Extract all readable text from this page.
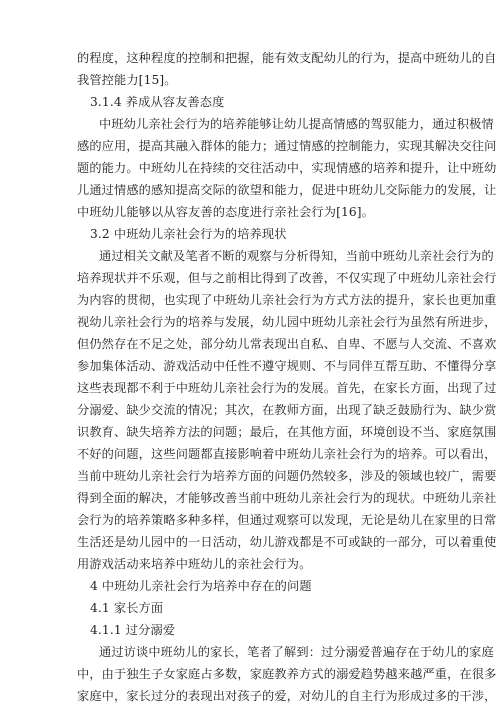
的程度，这种程度的控制和把握，能有效支配幼儿的行为，提高中班幼儿的自
我管控能力[15]。
3.1.4 养成从容友善态度
中班幼儿亲社会行为的培养能够让幼儿提高情感的驾驭能力，通过积极情
感的应用，提高其融入群体的能力；通过情感的控制能力，实现其解决交往问
题的能力。中班幼儿在持续的交往活动中，实现情感的培养和提升，让中班幼
儿通过情感的感知提高交际的欲望和能力，促进中班幼儿交际能力的发展，让
中班幼儿能够以从容友善的态度进行亲社会行为[16]。
3.2 中班幼儿亲社会行为的培养现状
通过相关文献及笔者不断的观察与分析得知，当前中班幼儿亲社会行为的
培养现状并不乐观，但与之前相比得到了改善，不仅实现了中班幼儿亲社会行
为内容的贯彻，也实现了中班幼儿亲社会行为方式方法的提升，家长也更加重
视幼儿亲社会行为的培养与发展，幼儿园中班幼儿亲社会行为虽然有所进步，
但仍然存在不足之处，部分幼儿常表现出自私、自卑、不愿与人交流、不喜欢
参加集体活动、游戏活动中任性不遵守规则、不与同伴互帮互助、不懂得分享
这些表现都不利于中班幼儿亲社会行为的发展。首先，在家长方面，出现了过
分溺爱、缺少交流的情况；其次，在教师方面，出现了缺乏鼓励行为、缺少赏
识教育、缺失培养方法的问题；最后，在其他方面，环境创设不当、家庭氛围
不好的问题，这些问题都直接影响着中班幼儿亲社会行为的培养。可以看出，
当前中班幼儿亲社会行为培养方面的问题仍然较多，涉及的领域也较广，需要
得到全面的解决，才能够改善当前中班幼儿亲社会行为的现状。中班幼儿亲社
会行为的培养策略多种多样，但通过观察可以发现，无论是幼儿在家里的日常
生活还是幼儿园中的一日活动，幼儿游戏都是不可或缺的一部分，可以着重使
用游戏活动来培养中班幼儿的亲社会行为。
4 中班幼儿亲社会行为培养中存在的问题
4.1 家长方面
4.1.1 过分溺爱
通过访谈中班幼儿的家长，笔者了解到：过分溺爱普遍存在于幼儿的家庭
中，由于独生子女家庭占多数，家庭教养方式的溺爱趋势越来越严重，在很多
家庭中，家长过分的表现出对孩子的爱，对幼儿的自主行为形成过多的干涉，
